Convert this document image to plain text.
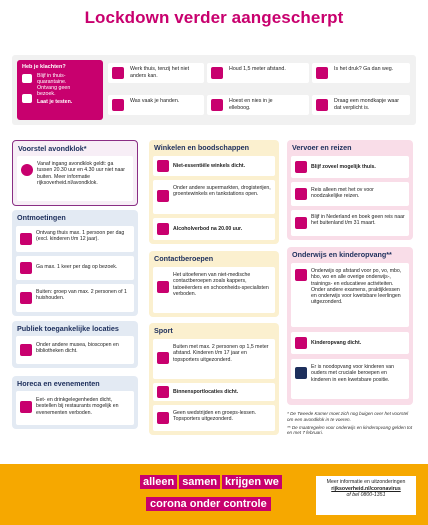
Lockdown verder aangescherpt
Heb je klachten?
Blijf in thuis-
quarantaine.
Ontvang geen
bezoek.
Laat je testen.
Werk thuis, tenzij het niet anders kan.
Houd 1,5 meter afstand.	Is het druk? Ga dan weg.
Was vaak je handen.	Hoest en nies in je elleboog.
Draag een mondkapje waar dat verplicht is.
Voorstel avondklok*
Vanaf ingang avondklok geldt: ga tussen 20.30 uur en 4.30 uur niet naar buiten. Meer informatie rijksoverheid.nl/avondklok.
Ontmoetingen
Ontvang thuis max. 1 persoon per dag (excl. kinderen t/m 12 jaar).
Ga max. 1 keer per dag op bezoek.
Buiten: groep van max. 2 personen of 1 huishouden.
Publiek toegankelijke locaties
Onder andere musea, bioscopen en bibliotheken dicht.
Horeca en evenementen
Eet- en drinkgelegenheden dicht, bestellen bij restaurants mogelijk en evenementen verboden.
Winkelen en boodschappen
Niet-essentiële winkels dicht.
Onder andere supermarkten, drogisterijen, groentewinkels en tankstations open.
Alcoholverbod na 20.00 uur.
Contactberoepen
Het uitoefenen van niet-medische contactberoepen zoals kappers, tatoeëerders en schoonheids-specialisten verboden.
Sport
Buiten met max. 2 personen op 1,5 meter afstand. Kinderen t/m 17 jaar en topsporters uitgezonderd.
Binnensportlocaties dicht.
Geen wedstrijden en groeps-lessen. Topsporters uitgezonderd.
Vervoer en reizen
Blijf zoveel mogelijk thuis.
Reis alleen met het ov voor noodzakelijke reizen.
Blijf in Nederland en boek geen reis naar het buitenland t/m 31 maart.
Onderwijs en kinderopvang**
Onderwijs op afstand voor po, vo, mbo, hbo, wo en alle overige onderwijs-, trainings- en educatieve activiteiten. Onder andere examens, praktijklessen en onderwijs voor kwetsbare leerlingen uitgezonderd.
Kinderopvang dicht.
Er is noodopvang voor kinderen van ouders met cruciale beroepen en kinderen in een kwetsbare positie.
* De Tweede Kamer moet zich nog buigen over het voorstel om een avondklok in te voeren.
** De maatregelen voor onderwijs en kinderopvang gelden tot en met 7 februari.
alleen samen krijgen we
corona onder controle
Meer informatie en uitzonderingen
rijksoverheid.nl/coronavirus
of bel 0800-1351
